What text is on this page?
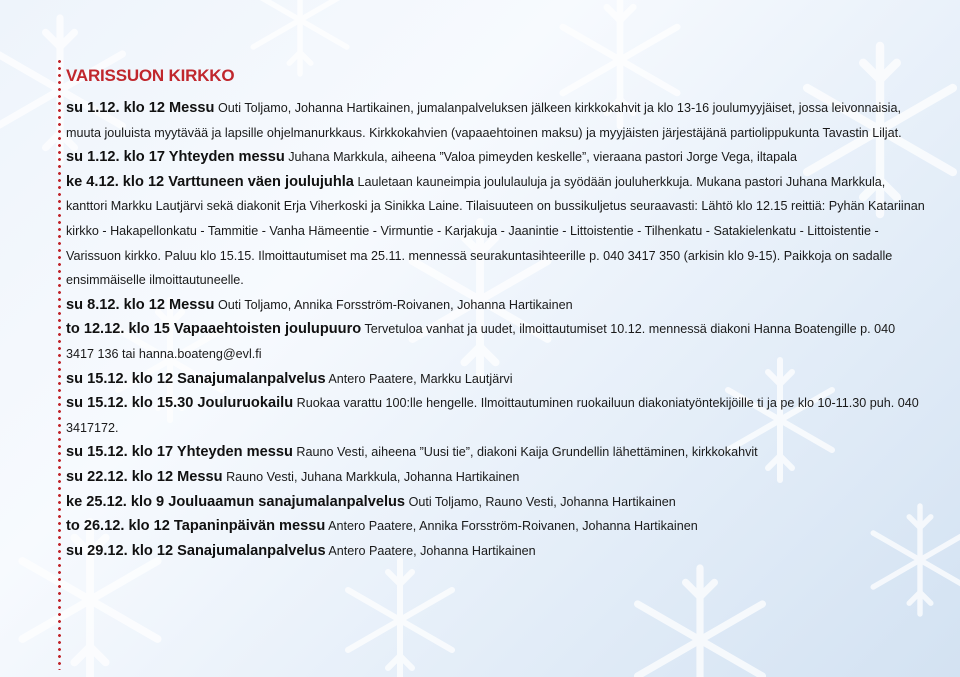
VARISSUON KIRKKO

su 1.12. klo 12 Messu Outi Toljamo, Johanna Hartikainen, jumalanpalveluksen jälkeen kirkkokahvit ja klo 13-16 joulumyyjäiset, jossa leivonnaisia, muuta jouluista myytävää ja lapsille ohjelmanurkkaus. Kirkkokahvien (vapaaehtoinen maksu) ja myyjäisten järjestäjänä partiolippukunta Tavastin Liljat.

su 1.12. klo 17 Yhteyden messu Juhana Markkula, aiheena ”Valoa pimeyden keskelle”, vieraana pastori Jorge Vega, iltapala

ke 4.12. klo 12 Varttuneen väen joulujuhla Lauletaan kauneimpia joululauluja ja syödään jouluherkkuja. Mukana pastori Juhana Markkula, kanttori Markku Lautjärvi sekä diakonit Erja Viherkoski ja Sinikka Laine. Tilaisuuteen on bussikuljetus seuraavasti: Lähtö klo 12.15 reittiä: Pyhän Katariinan kirkko - Hakapellonkatu - Tammitie - Vanha Hämeentie - Virmuntie - Karjakuja - Jaanintie - Littoistentie - Tilhenkatu - Satakielenkatu - Littoistentie - Varissuon kirkko. Paluu klo 15.15. Ilmoittautumiset ma 25.11. mennessä seurakuntasihteerille p. 040 3417 350 (arkisin klo 9-15). Paikkoja on sadalle ensimmäiselle ilmoittautuneelle.

su 8.12. klo 12 Messu Outi Toljamo, Annika Forsström-Roivanen, Johanna Hartikainen

to 12.12. klo 15 Vapaaehtoisten joulupuuro Tervetuloa vanhat ja uudet, ilmoittautumiset 10.12. mennessä diakoni Hanna Boatengille p. 040 3417 136 tai hanna.boateng@evl.fi

su 15.12. klo 12 Sanajumalanpalvelus Antero Paatere, Markku Lautjärvi

su 15.12. klo 15.30 Jouluruokailu Ruokaa varattu 100:lle hengelle. Ilmoittautuminen ruokailuun diakoniatyöntekijöille ti ja pe klo 10-11.30 puh. 040 3417172.

su 15.12. klo 17 Yhteyden messu Rauno Vesti, aiheena ”Uusi tie”, diakoni Kaija Grundellin lähettäminen, kirkkokahvit

su 22.12. klo 12 Messu Rauno Vesti, Juhana Markkula, Johanna Hartikainen

ke 25.12. klo 9 Jouluaamun sanajumalanpalvelus Outi Toljamo, Rauno Vesti, Johanna Hartikainen

to 26.12. klo 12 Tapaninpäivän messu Antero Paatere, Annika Forsström-Roivanen, Johanna Hartikainen

su 29.12. klo 12 Sanajumalanpalvelus Antero Paatere, Johanna Hartikainen
